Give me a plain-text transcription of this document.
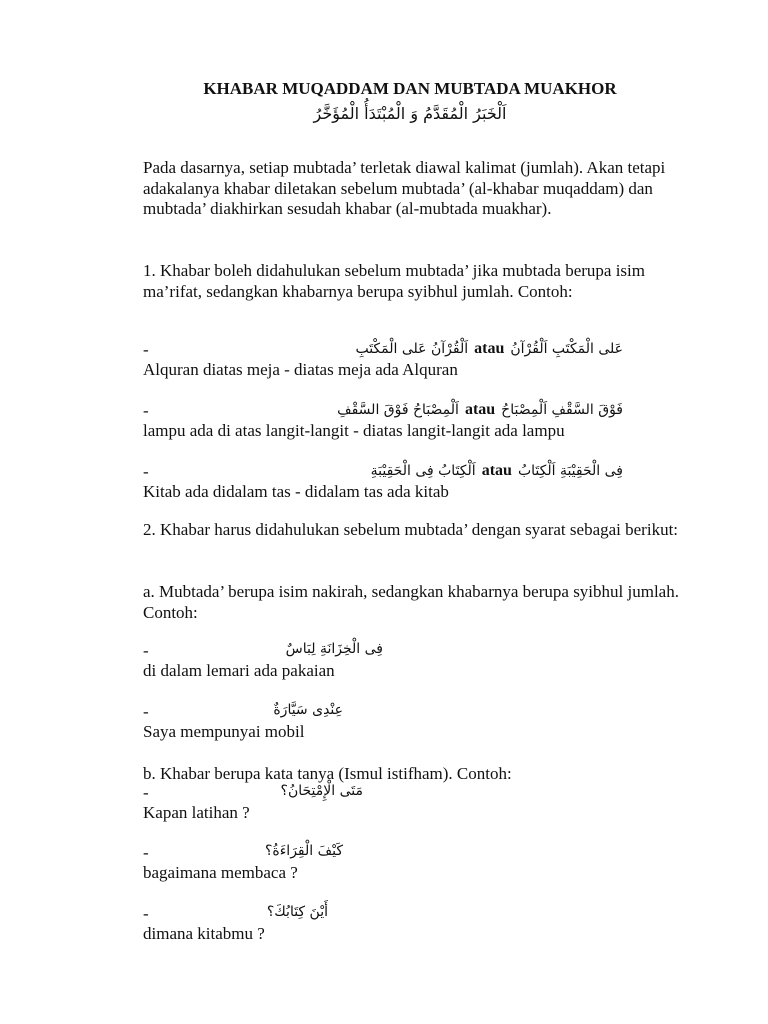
KHABAR MUQADDAM DAN MUBTADA MUAKHOR
اَلْخَبَرُ الْمُقَدَّمُ وَ الْمُبْتَدَأُ الْمُؤَخَّرُ
Pada dasarnya, setiap mubtada’ terletak diawal kalimat (jumlah). Akan tetapi adakalanya khabar diletakan sebelum mubtada’ (al-khabar muqaddam) dan mubtada’ diakhirkan sesudah khabar (al-mubtada muakhar).
1. Khabar boleh didahulukan sebelum mubtada’ jika mubtada berupa isim ma’rifat, sedangkan khabarnya berupa syibhul jumlah. Contoh:
-	اَلْقُرْآنُ عَلى الْمَكْتَبِ atau عَلى الْمَكْتَبِ اَلْقُرْآنُ
Alquran diatas meja - diatas meja ada Alquran
-	اَلْمِصْبَاحُ فَوْقَ السَّقْفِ atau فَوْقَ السَّقْفِ اَلْمِصْبَاحُ
lampu ada di atas langit-langit - diatas langit-langit ada lampu
-	اَلْكِتَابُ فِى الْحَقِيْبَةِ atau فِى الْحَقِيْبَةِ اَلْكِتَابُ
Kitab ada didalam tas - didalam tas ada kitab
2. Khabar harus didahulukan sebelum mubtada’ dengan syarat sebagai berikut:
a. Mubtada’ berupa isim nakirah, sedangkan khabarnya berupa syibhul jumlah. Contoh:
-	فِى الْخِزَانَةِ لِبَاسٌ
di dalam lemari ada pakaian
-	عِنْدِى سَيَّارَةٌ
Saya mempunyai mobil
b. Khabar berupa kata tanya (Ismul istifham). Contoh:
-	مَتَى الْإِمْتِحَانُ؟
Kapan latihan ?
-	كَيْفَ الْقِرَاءَةُ؟
bagaimana membaca ?
-	أَيْنَ كِتَابُكَ؟
dimana kitabmu ?
